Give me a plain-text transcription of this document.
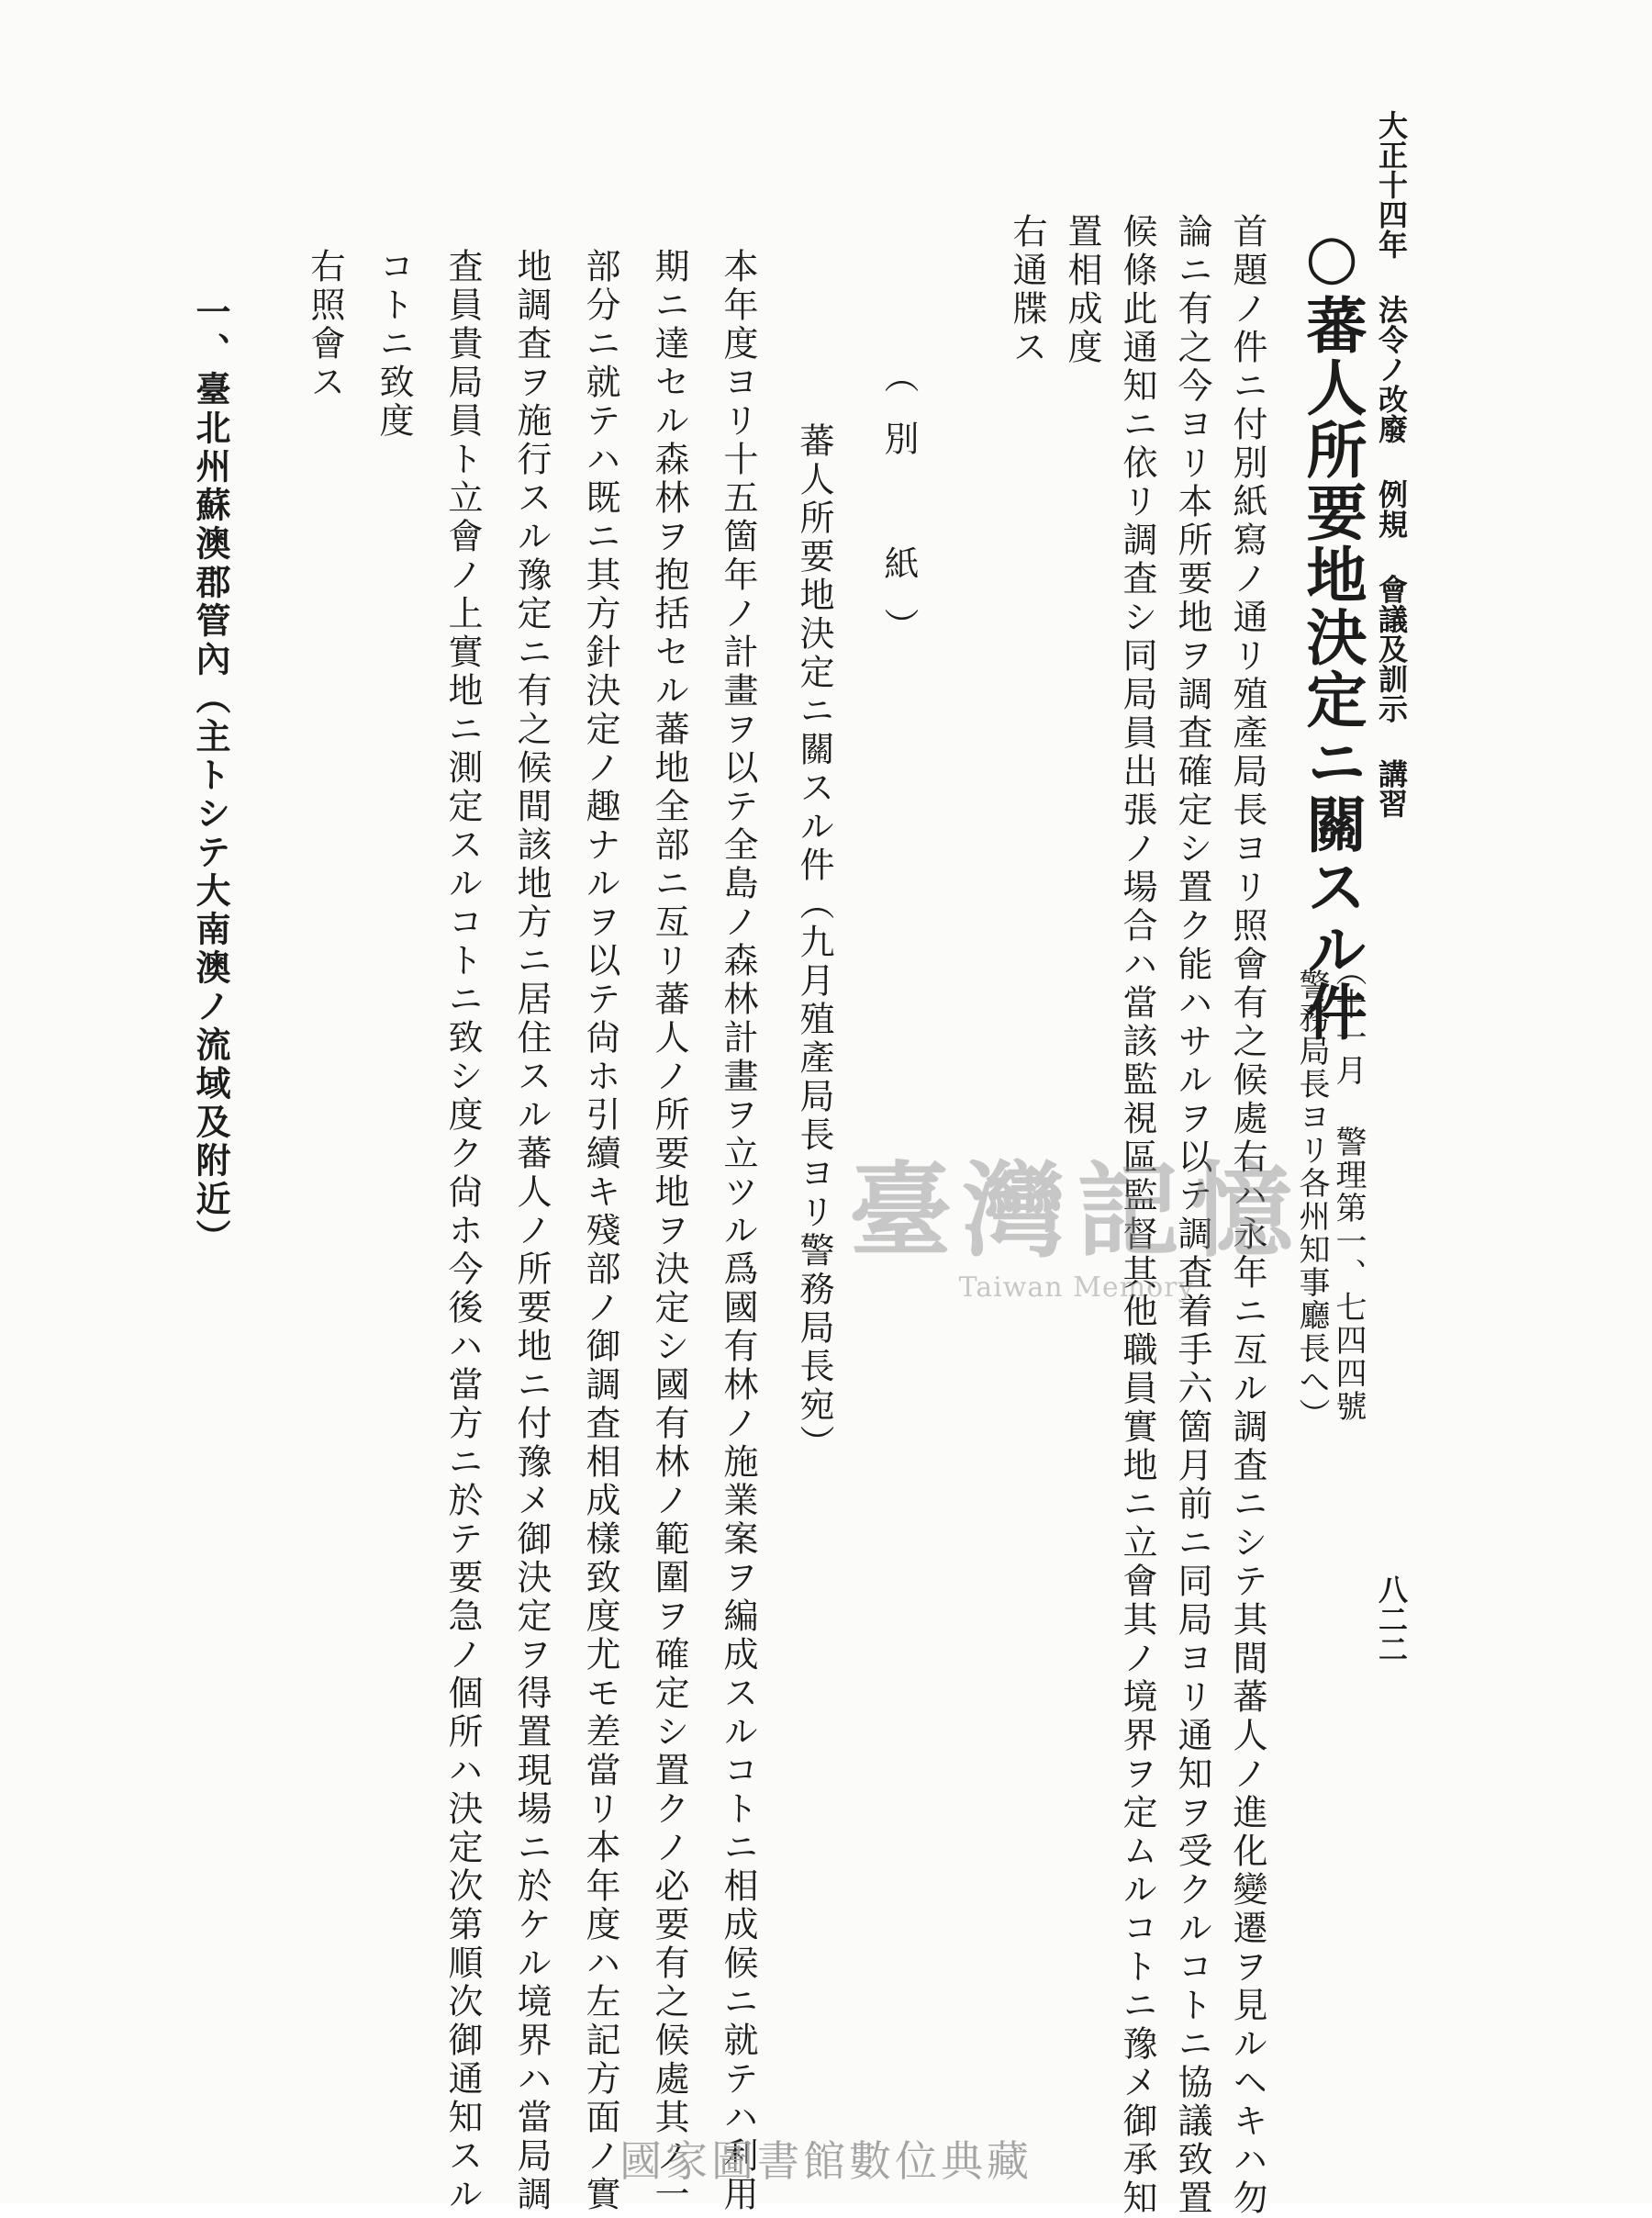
大正十四年 法令ノ改廢 例規 會議及訓示 講習
八二二
○蕃人所要地決定ニ關スル件
（十一月 警理第一、七四四號
警務局長ヨリ各州知事廳長へ）
首題ノ件ニ付別紙寫ノ通リ殖產局長ヨリ照會有之候處右ハ永年ニ亙ル調査ニシテ其間蕃人ノ進化變遷ヲ見ルヘキハ勿
論ニ有之今ヨリ本所要地ヲ調査確定シ置ク能ハサルヲ以テ調査着手六箇月前ニ同局ヨリ通知ヲ受クルコトニ協議致置
候條此通知ニ依リ調査シ同局員出張ノ場合ハ當該監視區監督其他職員實地ニ立會其ノ境界ヲ定ムルコトニ豫メ御承知
置相成度
右通牒ス
（別　紙）
蕃人所要地決定ニ關スル件（九月殖產局長ヨリ警務局長宛）
本年度ヨリ十五箇年ノ計畫ヲ以テ全島ノ森林計畫ヲ立ツル爲國有林ノ施業案ヲ編成スルコトニ相成候ニ就テハ利用
期ニ達セル森林ヲ抱括セル蕃地全部ニ亙リ蕃人ノ所要地ヲ決定シ國有林ノ範圍ヲ確定シ置クノ必要有之候處其ノ一
部分ニ就テハ既ニ其方針決定ノ趣ナルヲ以テ尙ホ引續キ殘部ノ御調査相成樣致度尤モ差當リ本年度ハ左記方面ノ實
地調査ヲ施行スル豫定ニ有之候間該地方ニ居住スル蕃人ノ所要地ニ付豫メ御決定ヲ得置現場ニ於ケル境界ハ當局調
査員貴局員ト立會ノ上實地ニ測定スルコトニ致シ度ク尙ホ今後ハ當方ニ於テ要急ノ個所ハ決定次第順次御通知スル
コトニ致度
右照會ス
一、臺北州蘇澳郡管內（主トシテ大南澳ノ流域及附近）	臺灣記憶
Taiwan Memory
國家圖書館數位典藏
